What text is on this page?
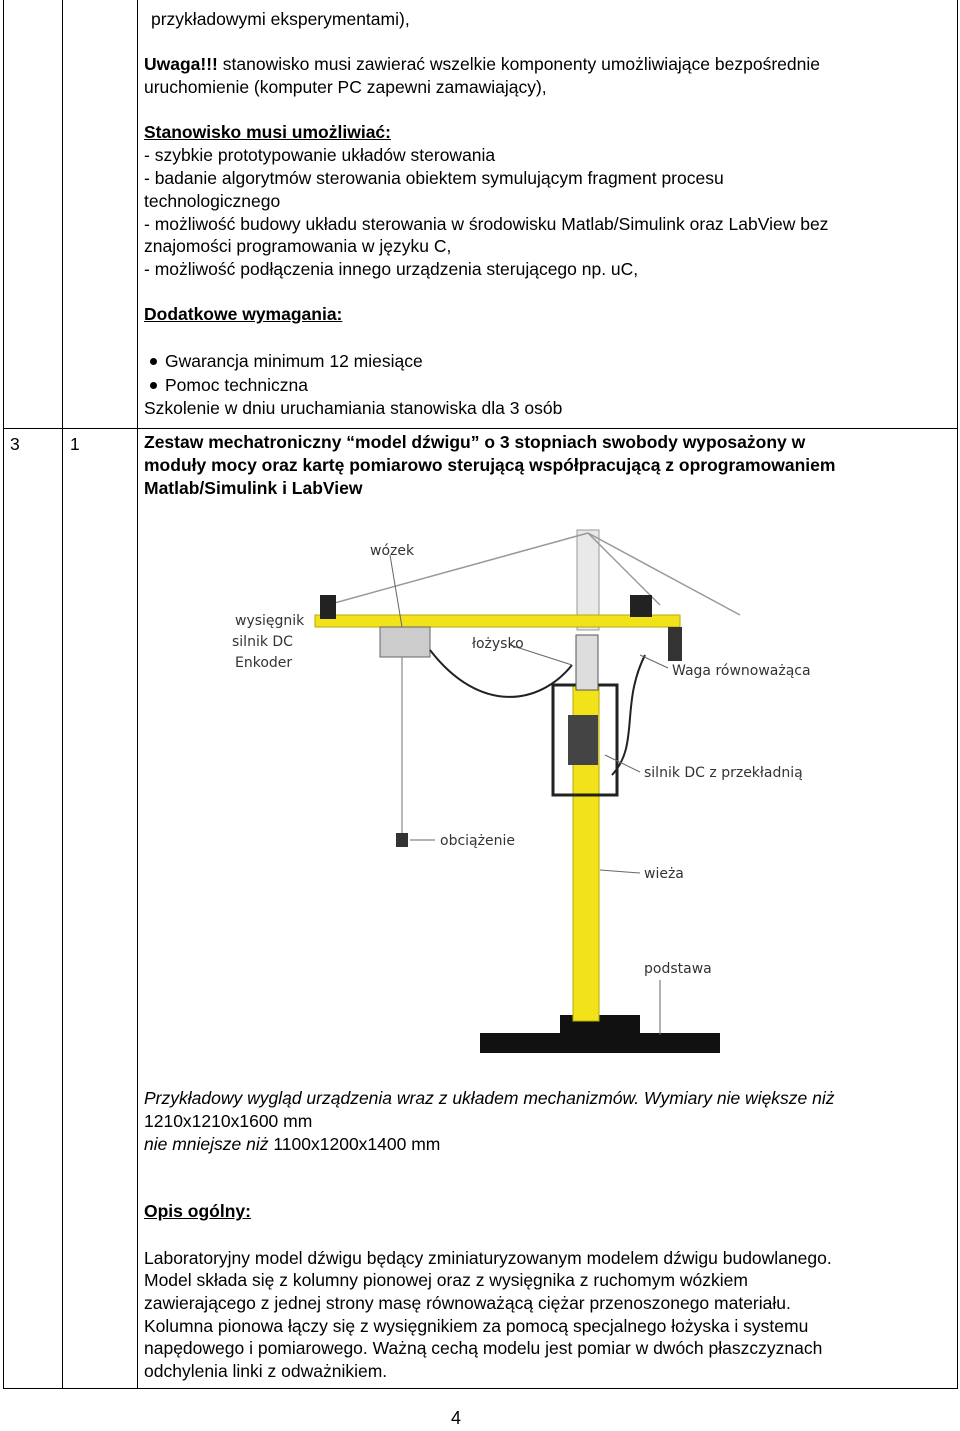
przykładowymi eksperymentami),
Uwaga!!! stanowisko musi zawierać wszelkie komponenty umożliwiające bezpośrednie
uruchomienie (komputer PC zapewni zamawiający),
Stanowisko musi umożliwiać:
- szybkie prototypowanie układów sterowania
- badanie algorytmów sterowania obiektem symulującym fragment procesu
technologicznego
- możliwość budowy układu sterowania w środowisku Matlab/Simulink oraz LabView bez
znajomości programowania w języku C,
- możliwość podłączenia innego urządzenia sterującego np. uC,
Dodatkowe wymagania:
Gwarancja minimum 12 miesiące
Pomoc techniczna
Szkolenie w dniu uruchamiania stanowiska dla 3 osób
3	1	Zestaw mechatroniczny “model dźwigu” o 3 stopniach swobody wyposażony w
moduły mocy oraz kartę pomiarowo sterującą współpracującą z oprogramowaniem
Matlab/Simulink i LabView
wózek
wysięgnik
silnik DC
Enkoder
łożysko
Waga równoważąca
silnik DC z przekładnią
obciążenie
wieża
podstawa
Przykładowy wygląd urządzenia wraz z układem mechanizmów. Wymiary nie większe niż
1210x1210x1600 mm
nie mniejsze niż 1100x1200x1400 mm
Opis ogólny:
Laboratoryjny model dźwigu będący zminiaturyzowanym modelem dźwigu budowlanego.
Model składa się z kolumny pionowej oraz z wysięgnika z ruchomym wózkiem
zawierającego z jednej strony masę równoważącą ciężar przenoszonego materiału.
Kolumna pionowa łączy się z wysięgnikiem za pomocą specjalnego łożyska i systemu
napędowego i pomiarowego. Ważną cechą modelu jest pomiar w dwóch płaszczyznach
odchylenia linki z odważnikiem.
4
